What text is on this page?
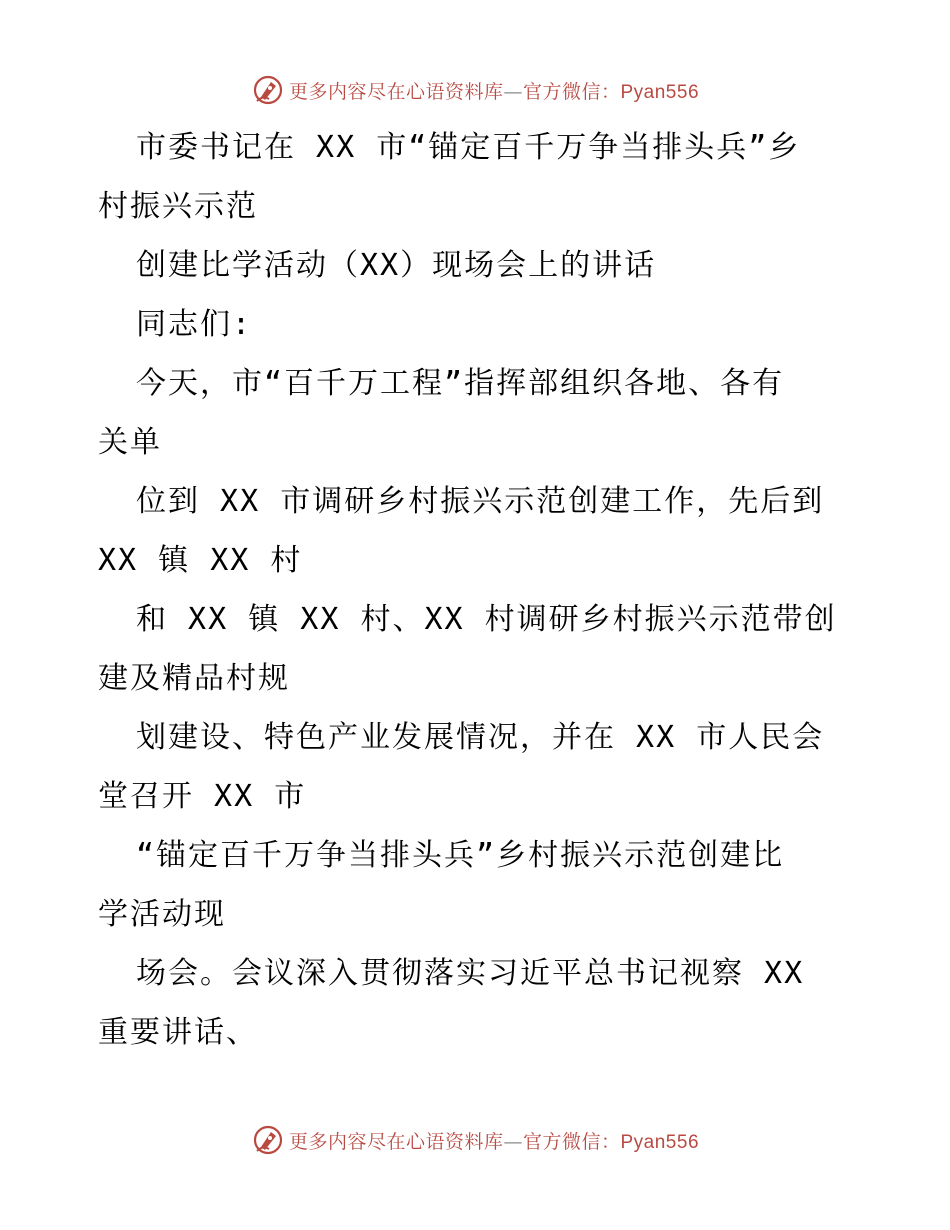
更多内容尽在心语资料库—官方微信：Pyan556
市委书记在 XX 市“锚定百千万争当排头兵”乡
村振兴示范
创建比学活动（XX）现场会上的讲话
同志们:
今天，市“百千万工程”指挥部组织各地、各有
关单
位到 XX 市调研乡村振兴示范创建工作，先后到
XX 镇 XX 村
和 XX 镇 XX 村、XX 村调研乡村振兴示范带创
建及精品村规
划建设、特色产业发展情况，并在 XX 市人民会
堂召开 XX 市
“锚定百千万争当排头兵”乡村振兴示范创建比
学活动现
场会。会议深入贯彻落实习近平总书记视察 XX
重要讲话、
更多内容尽在心语资料库—官方微信：Pyan556
